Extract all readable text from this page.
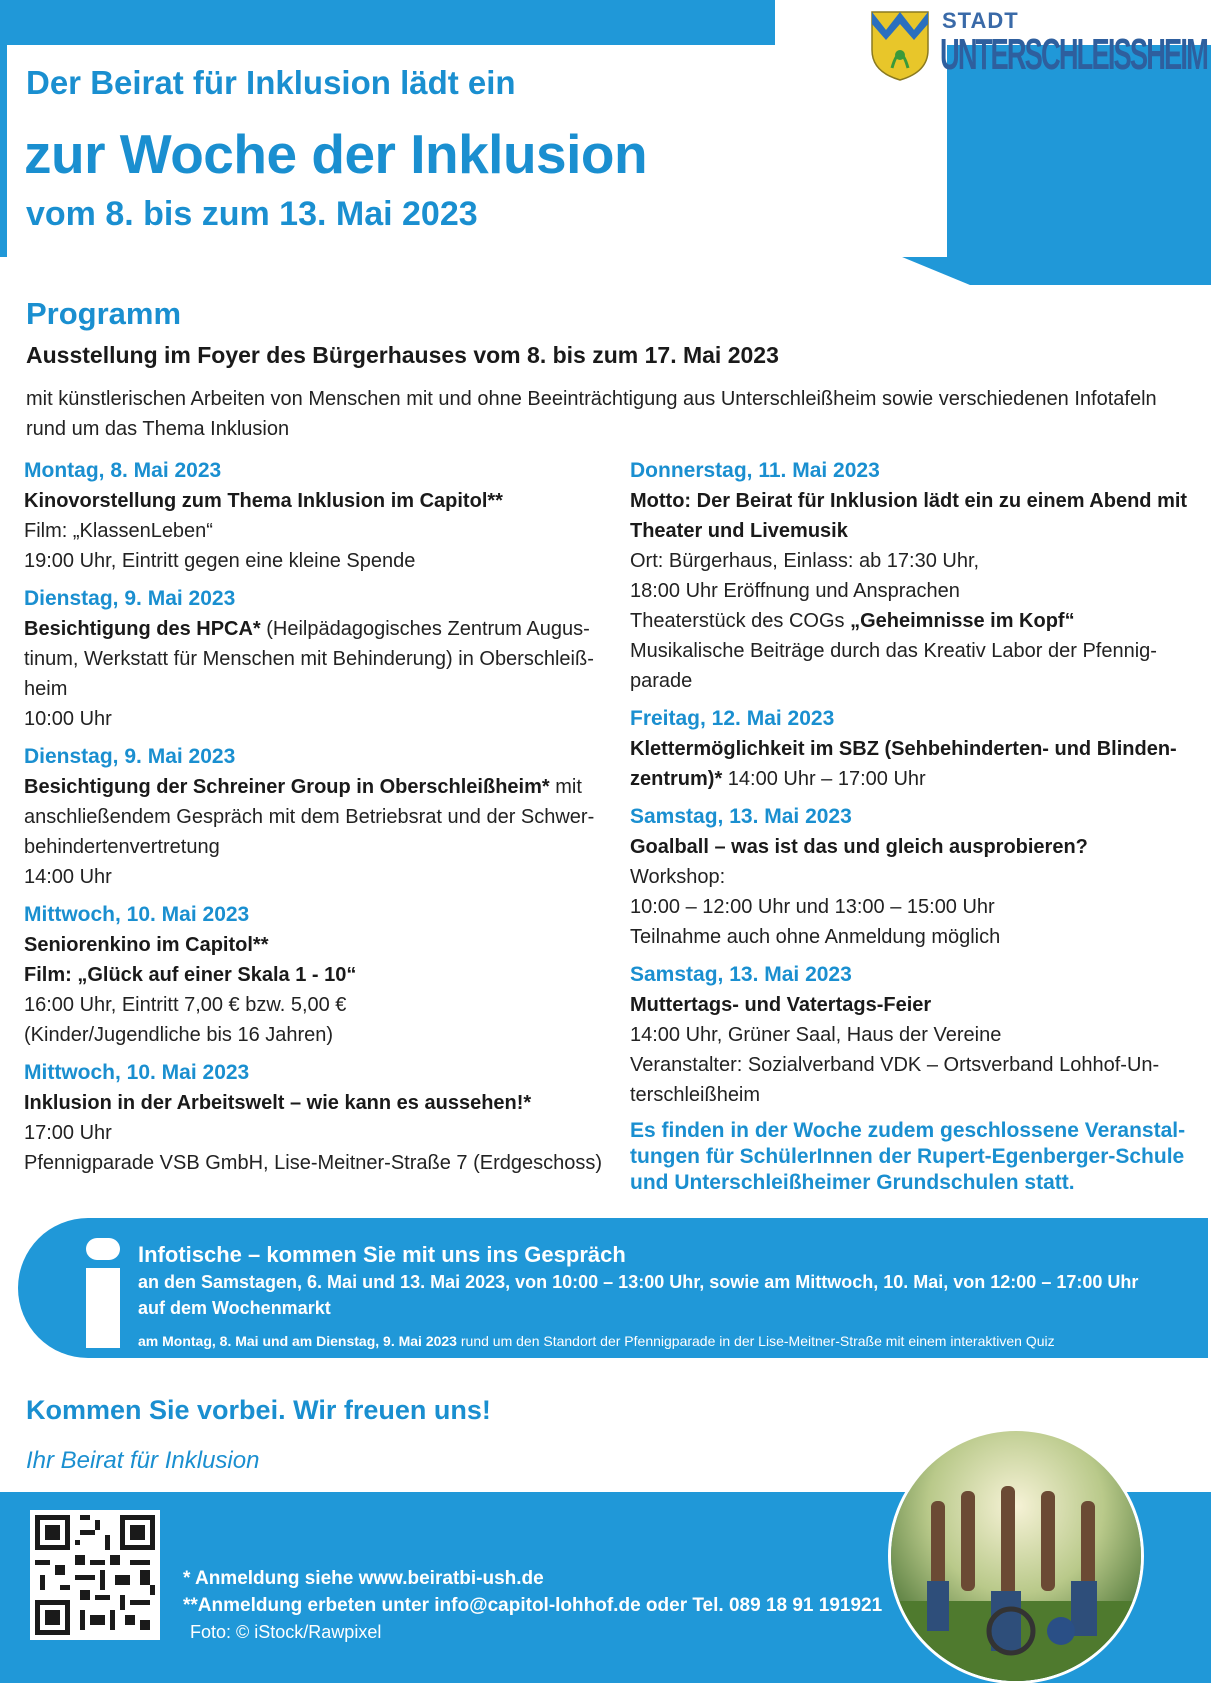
STADT
UNTERSCHLEISSHEIM
Der Beirat für Inklusion lädt ein
zur Woche der Inklusion
vom 8. bis zum 13. Mai 2023
Programm
Ausstellung im Foyer des Bürgerhauses vom 8. bis zum 17. Mai 2023
mit künstlerischen Arbeiten von Menschen mit und ohne Beeinträchtigung aus Unterschleißheim sowie verschiedenen Infotafeln rund um das Thema Inklusion
Montag, 8. Mai 2023
Kinovorstellung zum Thema Inklusion im Capitol**
Film: „KlassenLeben“
19:00 Uhr, Eintritt gegen eine kleine Spende
Dienstag, 9. Mai 2023
Besichtigung des HPCA* (Heilpädagogisches Zentrum Augustinum, Werkstatt für Menschen mit Behinderung) in Oberschleißheim
10:00 Uhr
Dienstag, 9. Mai 2023
Besichtigung der Schreiner Group in Oberschleißheim* mit anschließendem Gespräch mit dem Betriebsrat und der Schwerbehindertenvertretung
14:00 Uhr
Mittwoch, 10. Mai 2023
Seniorenkino im Capitol**
Film: „Glück auf einer Skala 1 - 10“
16:00 Uhr, Eintritt 7,00 € bzw. 5,00 €
(Kinder/Jugendliche bis 16 Jahren)
Mittwoch, 10. Mai 2023
Inklusion in der Arbeitswelt – wie kann es aussehen!*
17:00 Uhr
Pfennigparade VSB GmbH, Lise-Meitner-Straße 7 (Erdgeschoss)
Donnerstag, 11. Mai 2023
Motto: Der Beirat für Inklusion lädt ein zu einem Abend mit Theater und Livemusik
Ort: Bürgerhaus, Einlass: ab 17:30 Uhr,
18:00 Uhr Eröffnung und Ansprachen
Theaterstück des COGs „Geheimnisse im Kopf“
Musikalische Beiträge durch das Kreativ Labor der Pfennigparade
Freitag, 12. Mai 2023
Klettermöglichkeit im SBZ (Sehbehinderten- und Blindenzentrum)* 14:00 Uhr – 17:00 Uhr
Samstag, 13. Mai 2023
Goalball – was ist das und gleich ausprobieren?
Workshop:
10:00 – 12:00 Uhr und 13:00 – 15:00 Uhr
Teilnahme auch ohne Anmeldung möglich
Samstag, 13. Mai 2023
Muttertags- und Vatertags-Feier
14:00 Uhr, Grüner Saal, Haus der Vereine
Veranstalter: Sozialverband VDK – Ortsverband Lohhof-Unterschleißheim
Es finden in der Woche zudem geschlossene Veranstaltungen für SchülerInnen der Rupert-Egenberger-Schule und Unterschleißheimer Grundschulen statt.
Infotische – kommen Sie mit uns ins Gespräch
an den Samstagen, 6. Mai und 13. Mai 2023, von 10:00 – 13:00 Uhr, sowie am Mittwoch, 10. Mai, von 12:00 – 17:00 Uhr
auf dem Wochenmarkt
am Montag, 8. Mai und am Dienstag, 9. Mai 2023 rund um den Standort der Pfennigparade in der Lise-Meitner-Straße mit einem interaktiven Quiz
Kommen Sie vorbei. Wir freuen uns!
Ihr Beirat für Inklusion
* Anmeldung siehe www.beiratbi-ush.de
**Anmeldung erbeten unter info@capitol-lohhof.de oder Tel. 089 18 91 191921
Foto: © iStock/Rawpixel
